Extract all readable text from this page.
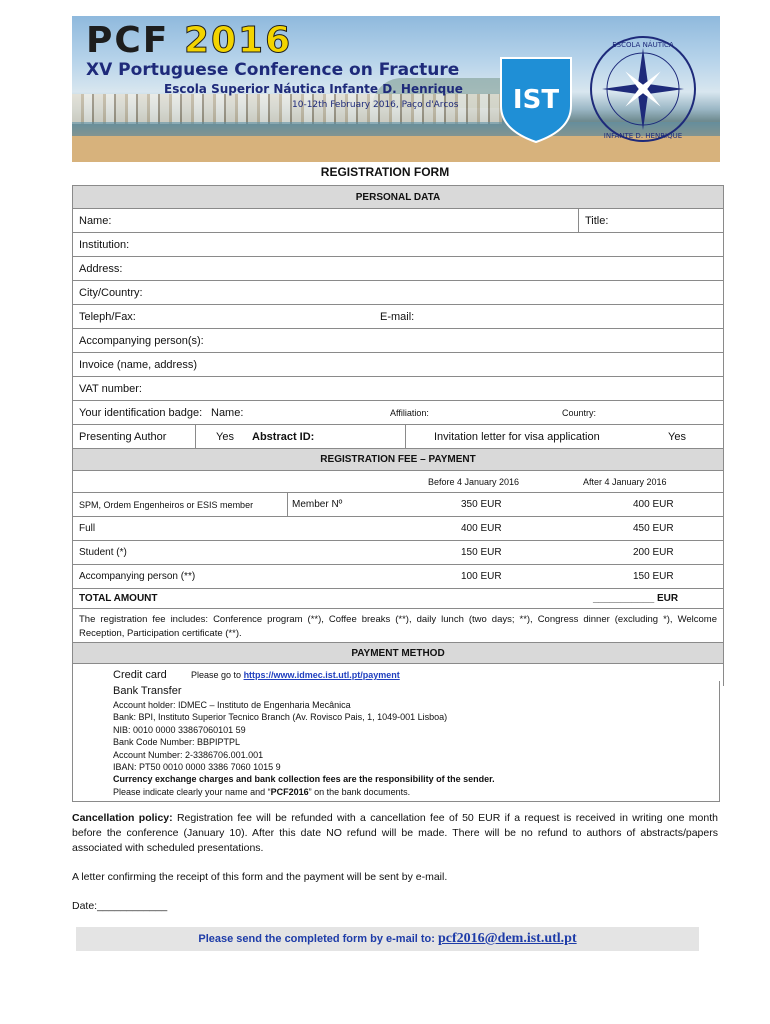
PCF 2016
XV Portuguese Conference on Fracture
Escola Superior Náutica Infante D. Henrique
10-12th February 2016, Paço d'Arcos IST
ESCOLA NÁUTICA
INFANTE D. HENRIQUE
REGISTRATION FORM
PERSONAL DATA
Name:	Title:
Institution:
Address:
City/Country:
Teleph/Fax:	E-mail:
Accompanying person(s):
Invoice (name, address)
VAT number:
Your identification badge: Name:	Affiliation:	Country:
Presenting Author	Yes Abstract ID:	Invitation letter for visa application	Yes
REGISTRATION FEE – PAYMENT
Before 4 January 2016	After 4 January 2016
SPM, Ordem Engenheiros or ESIS member	Member Nº	350 EUR	400 EUR
Full	400 EUR	450 EUR
Student (*)	150 EUR	200 EUR
Accompanying person (**)	100 EUR	150 EUR
TOTAL AMOUNT	___________ EUR
The registration fee includes: Conference program (**), Coffee breaks (**), daily lunch (two days; **), Congress dinner (excluding *), Welcome Reception, Participation certificate (**).
PAYMENT METHOD
Credit card	Please go to https://www.idmec.ist.utl.pt/payment
Bank Transfer
Account holder: IDMEC – Instituto de Engenharia Mecânica
Bank: BPI, Instituto Superior Tecnico Branch (Av. Rovisco Pais, 1, 1049-001 Lisboa)
NIB: 0010 0000 33867060101 59
Bank Code Number: BBPIPTPL
Account Number: 2-3386706.001.001
IBAN: PT50 0010 0000 3386 7060 1015 9
Currency exchange charges and bank collection fees are the responsibility of the sender.
Please indicate clearly your name and “PCF2016” on the bank documents.
Cancellation policy: Registration fee will be refunded with a cancellation fee of 50 EUR if a request is received in writing one month before the conference (January 10). After this date NO refund will be made. There will be no refund to authors of abstracts/papers associated with scheduled presentations.
A letter confirming the receipt of this form and the payment will be sent by e-mail.
Date:____________
Please send the completed form by e-mail to: pcf2016@dem.ist.utl.pt
